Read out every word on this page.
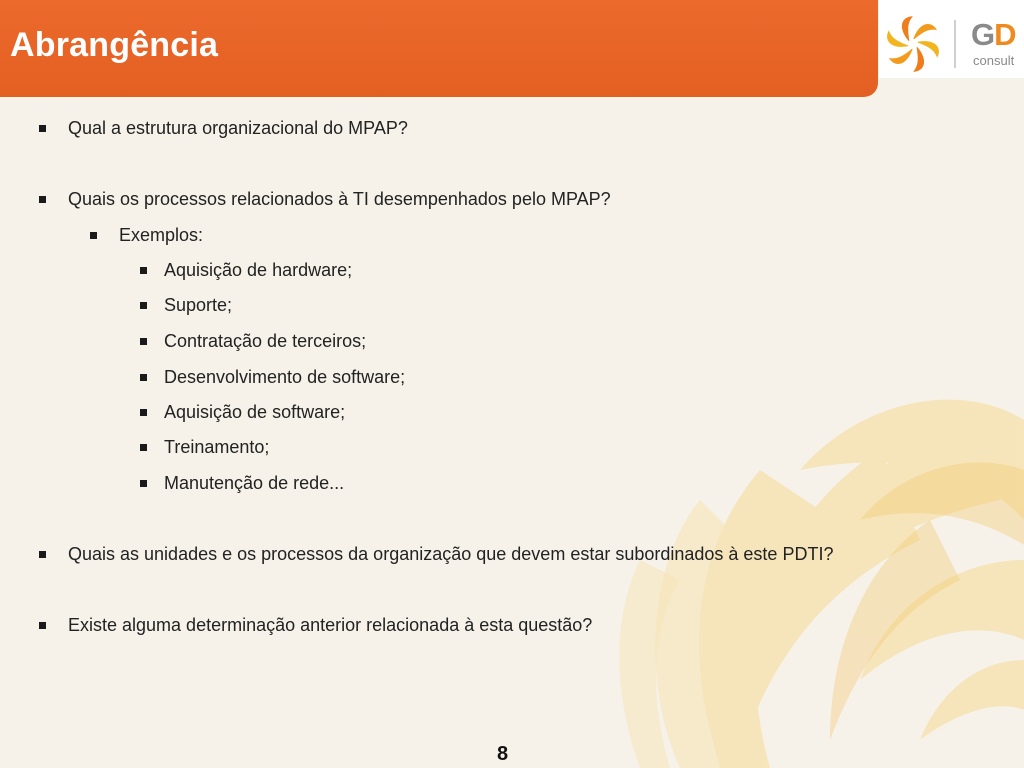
Abrangência	GD
consult
Qual a estrutura organizacional do MPAP?
Quais os processos relacionados à TI desempenhados pelo MPAP?
Exemplos:
Aquisição de hardware;
Suporte;
Contratação de terceiros;
Desenvolvimento de software;
Aquisição de software;
Treinamento;
Manutenção de rede...
Quais as unidades e os processos da organização que devem estar subordinados à este PDTI?
Existe alguma determinação anterior relacionada à esta questão?
8
